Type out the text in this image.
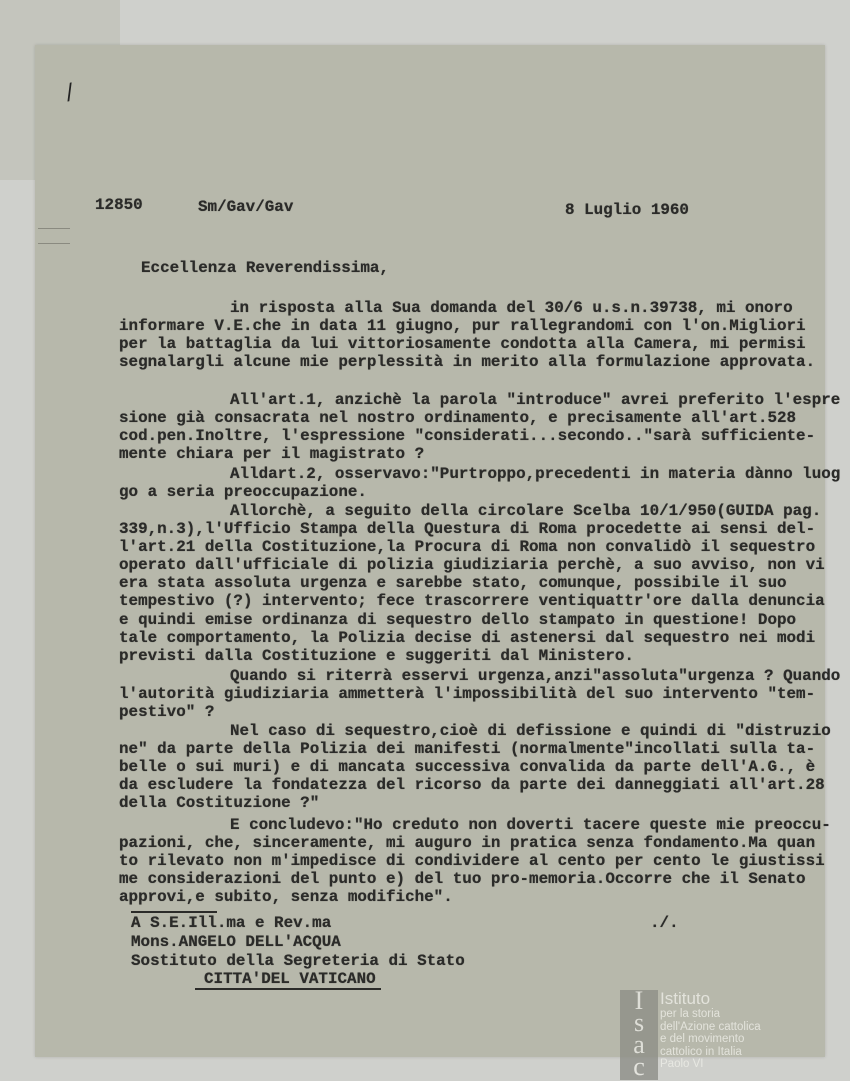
/
12850	Sm/Gav/Gav	8 Luglio 1960
Eccellenza Reverendissima,
in risposta alla Sua domanda del 30/6 u.s.n.39738, mi onoro
informare V.E.che in data 11 giugno, pur rallegrandomi con l'on.Migliori
per la battaglia da lui vittoriosamente condotta alla Camera, mi permisi
segnalargli alcune mie perplessità in merito alla formulazione approvata.
All'art.1, anzichè la parola "introduce" avrei preferito l'espre
sione già consacrata nel nostro ordinamento, e precisamente all'art.528
cod.pen.Inoltre, l'espressione "considerati...secondo.."sarà sufficiente-
mente chiara per il magistrato ?
Alldart.2, osservavo:"Purtroppo,precedenti in materia dànno luog
go a seria preoccupazione.
Allorchè, a seguito della circolare Scelba 10/1/950(GUIDA pag.
339,n.3),l'Ufficio Stampa della Questura di Roma procedette ai sensi del-
l'art.21 della Costituzione,la Procura di Roma non convalidò il sequestro
operato dall'ufficiale di polizia giudiziaria perchè, a suo avviso, non vi
era stata assoluta urgenza e sarebbe stato, comunque, possibile il suo
tempestivo (?) intervento; fece trascorrere ventiquattr'ore dalla denuncia
e quindi emise ordinanza di sequestro dello stampato in questione! Dopo
tale comportamento, la Polizia decise di astenersi dal sequestro nei modi
previsti dalla Costituzione e suggeriti dal Ministero.
Quando si riterrà esservi urgenza,anzi"assoluta"urgenza ? Quando
l'autorità giudiziaria ammetterà l'impossibilità del suo intervento "tem-
pestivo" ?
Nel caso di sequestro,cioè di defissione e quindi di "distruzio
ne" da parte della Polizia dei manifesti (normalmente"incollati sulla ta-
belle o sui muri) e di mancata successiva convalida da parte dell'A.G., è
da escludere la fondatezza del ricorso da parte dei danneggiati all'art.28
della Costituzione ?"
E concludevo:"Ho creduto non doverti tacere queste mie preoccu-
pazioni, che, sinceramente, mi auguro in pratica senza fondamento.Ma quan
to rilevato non m'impedisce di condividere al cento per cento le giustissi
me considerazioni del punto e) del tuo pro-memoria.Occorre che il Senato
approvi,e subito, senza modifiche".
./.
A S.E.Ill.ma e Rev.ma
Mons.ANGELO DELL'ACQUA
Sostituto della Segreteria di Stato
CITTA'DEL VATICANO
I
s
a
c
Istituto
per la storia
dell'Azione cattolica
e del movimento
cattolico in Italia
Paolo VI
